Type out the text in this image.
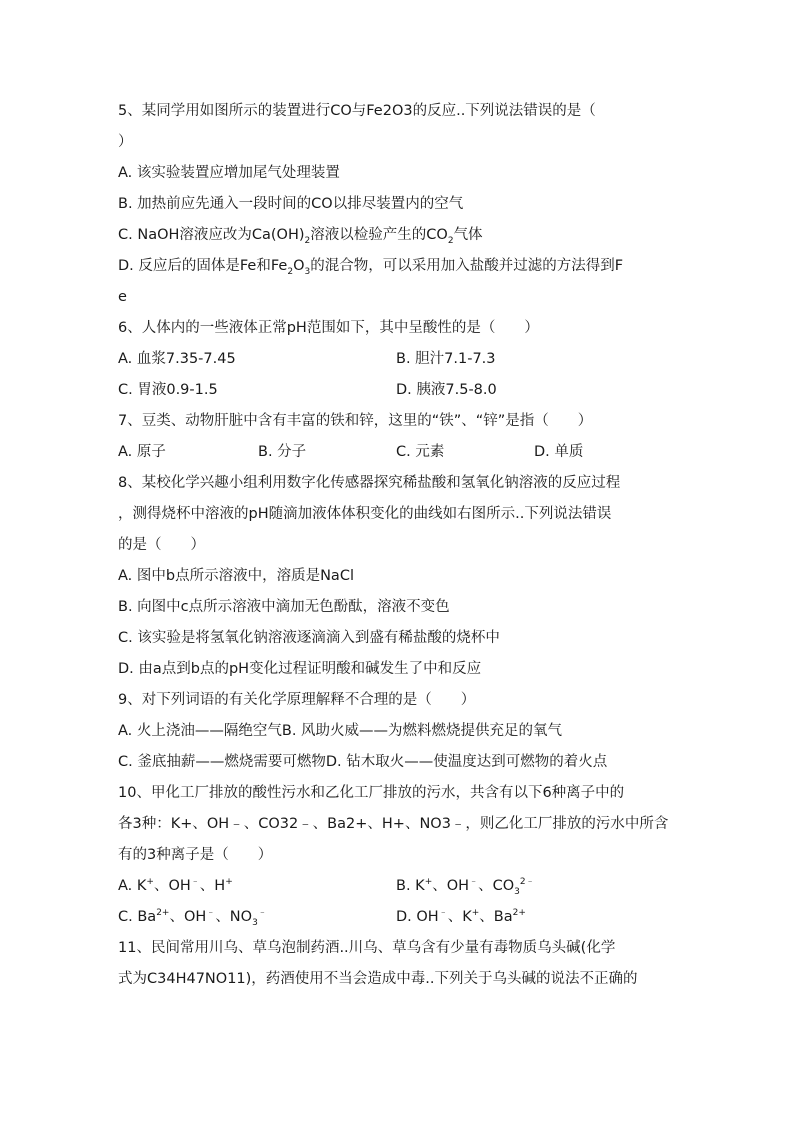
5、某同学用如图所示的装置进行CO与Fe2O3的反应..下列说法错误的是（
）
A. 该实验装置应增加尾气处理装置
B. 加热前应先通入一段时间的CO以排尽装置内的空气
C. NaOH溶液应改为$Ca(OH)_2$溶液以检验产生的$CO_2$气体
D. 反应后的固体是Fe和$Fe_2O_3$的混合物，可以采用加入盐酸并过滤的方法得到F
e
6、人体内的一些液体正常pH范围如下，其中呈酸性的是（　　）
A. 血浆7.35-7.45	B. 胆汁7.1-7.3
C. 胃液0.9-1.5	D. 胰液7.5-8.0
7、豆类、动物肝脏中含有丰富的铁和锌，这里的“铁”、“锌”是指（　　）
A. 原子	B. 分子	C. 元素	D. 单质
8、某校化学兴趣小组利用数字化传感器探究稀盐酸和氢氧化钠溶液的反应过程
，测得烧杯中溶液的pH随滴加液体体积变化的曲线如右图所示..下列说法错误
的是（　　）
A. 图中b点所示溶液中，溶质是NaCl
B. 向图中c点所示溶液中滴加无色酚酞，溶液不变色
C. 该实验是将氢氧化钠溶液逐滴滴入到盛有稀盐酸的烧杯中
D. 由a点到b点的pH变化过程证明酸和碱发生了中和反应
9、对下列词语的有关化学原理解释不合理的是（　　）
A. 火上浇油——隔绝空气B. 风助火威——为燃料燃烧提供充足的氧气
C. 釜底抽薪——燃烧需要可燃物D. 钻木取火——使温度达到可燃物的着火点
10、甲化工厂排放的酸性污水和乙化工厂排放的污水，共含有以下6种离子中的
各3种：K+、OH﹣、CO32﹣、Ba2+、H+、NO3﹣，则乙化工厂排放的污水中所含
有的3种离子是（　　）
A. K+、OH﹣、H+	B. K+、OH﹣、$CO_3^{2﹣}$
C. $Ba^{2+}$、OH﹣、$NO_3^﹣$	D. OH﹣、K+、$Ba^{2+}$
11、民间常用川乌、草乌泡制药酒..川乌、草乌含有少量有毒物质乌头碱(化学
式为C34H47NO11)，药酒使用不当会造成中毒..下列关于乌头碱的说法不正确的
